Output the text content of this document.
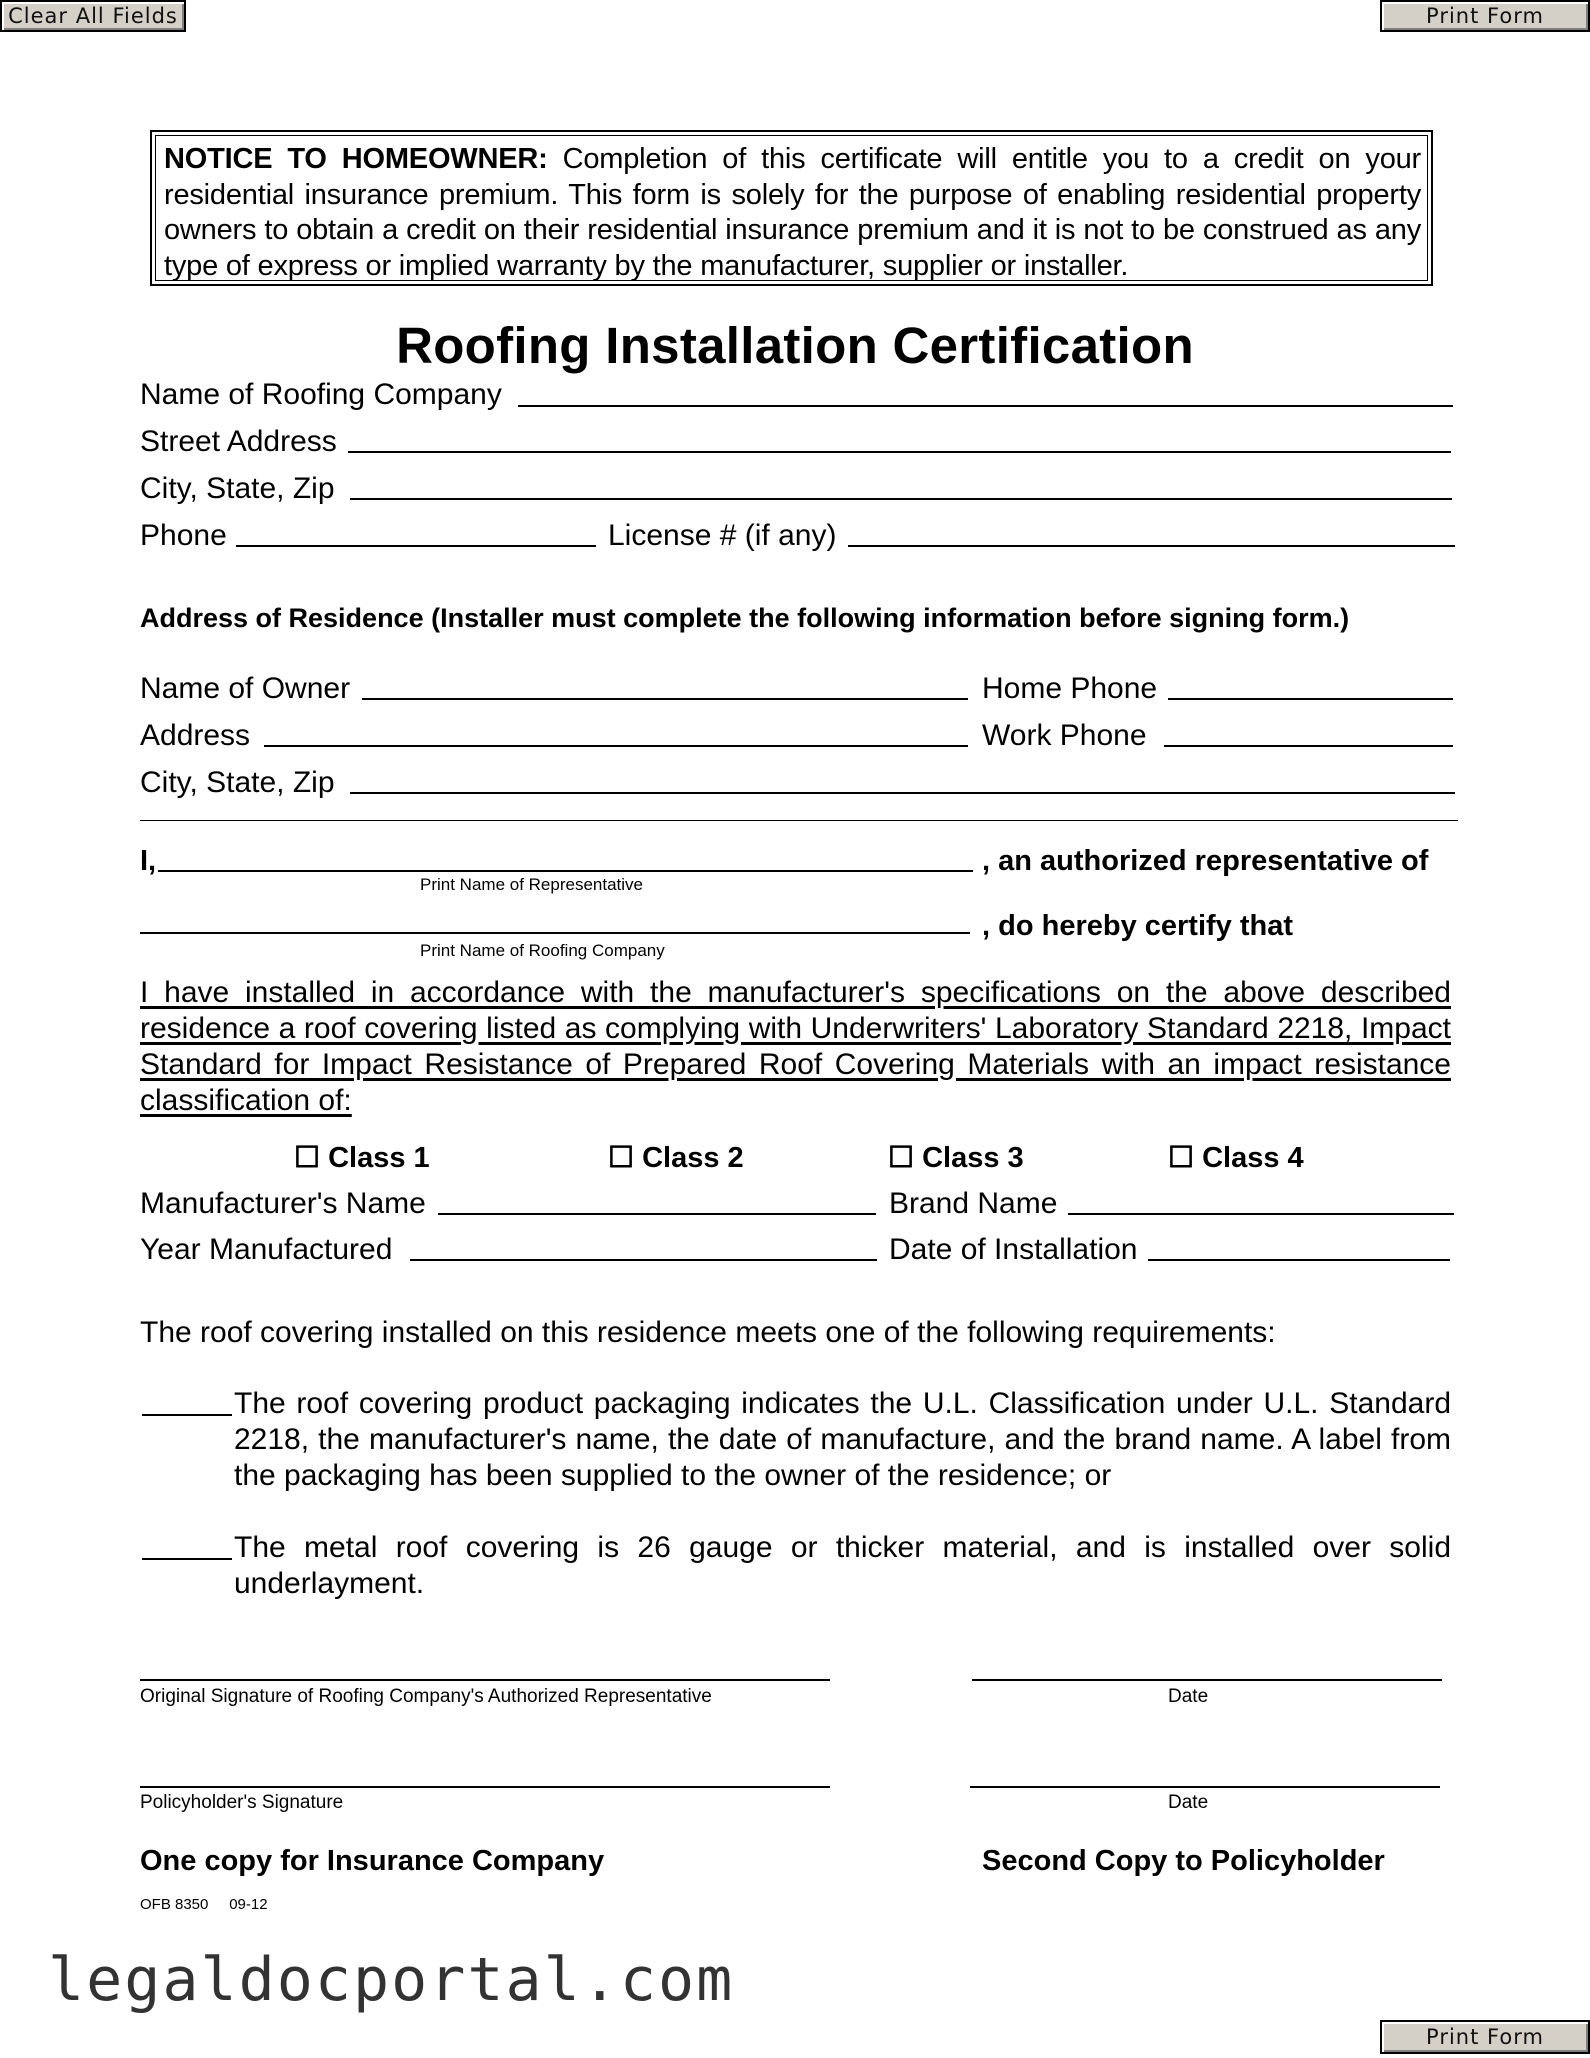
Clear All Fields	Print Form
NOTICE TO HOMEOWNER: Completion of this certificate will entitle you to a credit on your residential insurance premium. This form is solely for the purpose of enabling residential property owners to obtain a credit on their residential insurance premium and it is not to be construed as any type of express or implied warranty by the manufacturer, supplier or installer.
Roofing Installation Certification
Name of Roofing Company
Street Address
City, State, Zip
Phone	License # (if any)
Address of Residence (Installer must complete the following information before signing form.)
Name of Owner	Home Phone
Address	Work Phone
City, State, Zip
I,	, an authorized representative of
Print Name of Representative
, do hereby certify that
Print Name of Roofing Company
I have installed in accordance with the manufacturer's specifications on the above described residence a roof covering listed as complying with Underwriters' Laboratory Standard 2218, Impact Standard for Impact Resistance of Prepared Roof Covering Materials with an impact resistance classification of:
☐ Class 1	☐ Class 2	☐ Class 3	☐ Class 4
Manufacturer's Name	Brand Name
Year Manufactured	Date of Installation
The roof covering installed on this residence meets one of the following requirements:
The roof covering product packaging indicates the U.L. Classification under U.L. Standard 2218, the manufacturer's name, the date of manufacture, and the brand name. A label from the packaging has been supplied to the owner of the residence; or
The metal roof covering is 26 gauge or thicker material, and is installed over solid underlayment.
Original Signature of Roofing Company's Authorized Representative	Date
Policyholder's Signature	Date
One copy for Insurance Company	Second Copy to Policyholder
OFB 8350     09-12
legaldocportal.com
Print Form
